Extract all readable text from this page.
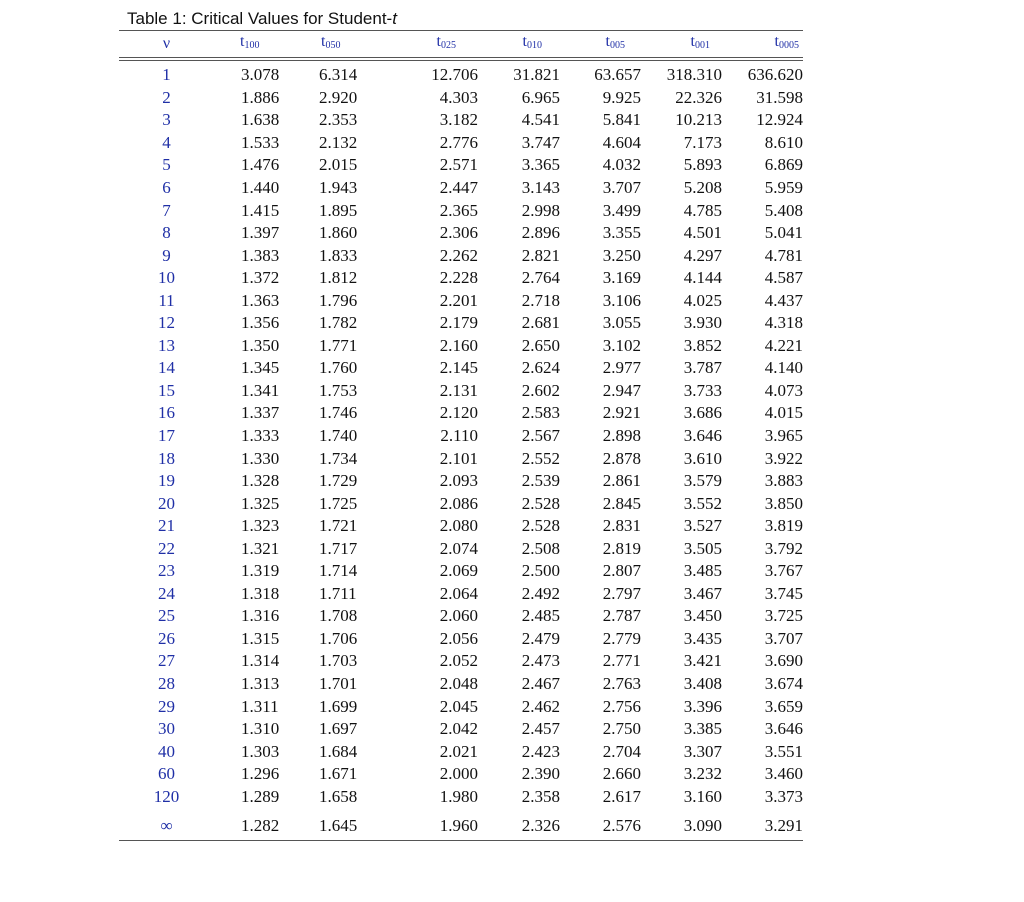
Table 1: Critical Values for Student-t
ν	$t_{100}$	$t_{050}$	$t_{025}$	$t_{010}$	$t_{005}$	$t_{001}$	$t_{0005}$
1	3.078	6.314	12.706	31.821	63.657	318.310	636.620
2	1.886	2.920	4.303	6.965	9.925	22.326	31.598
3	1.638	2.353	3.182	4.541	5.841	10.213	12.924
4	1.533	2.132	2.776	3.747	4.604	7.173	8.610
5	1.476	2.015	2.571	3.365	4.032	5.893	6.869
6	1.440	1.943	2.447	3.143	3.707	5.208	5.959
7	1.415	1.895	2.365	2.998	3.499	4.785	5.408
8	1.397	1.860	2.306	2.896	3.355	4.501	5.041
9	1.383	1.833	2.262	2.821	3.250	4.297	4.781
10	1.372	1.812	2.228	2.764	3.169	4.144	4.587
11	1.363	1.796	2.201	2.718	3.106	4.025	4.437
12	1.356	1.782	2.179	2.681	3.055	3.930	4.318
13	1.350	1.771	2.160	2.650	3.102	3.852	4.221
14	1.345	1.760	2.145	2.624	2.977	3.787	4.140
15	1.341	1.753	2.131	2.602	2.947	3.733	4.073
16	1.337	1.746	2.120	2.583	2.921	3.686	4.015
17	1.333	1.740	2.110	2.567	2.898	3.646	3.965
18	1.330	1.734	2.101	2.552	2.878	3.610	3.922
19	1.328	1.729	2.093	2.539	2.861	3.579	3.883
20	1.325	1.725	2.086	2.528	2.845	3.552	3.850
21	1.323	1.721	2.080	2.528	2.831	3.527	3.819
22	1.321	1.717	2.074	2.508	2.819	3.505	3.792
23	1.319	1.714	2.069	2.500	2.807	3.485	3.767
24	1.318	1.711	2.064	2.492	2.797	3.467	3.745
25	1.316	1.708	2.060	2.485	2.787	3.450	3.725
26	1.315	1.706	2.056	2.479	2.779	3.435	3.707
27	1.314	1.703	2.052	2.473	2.771	3.421	3.690
28	1.313	1.701	2.048	2.467	2.763	3.408	3.674
29	1.311	1.699	2.045	2.462	2.756	3.396	3.659
30	1.310	1.697	2.042	2.457	2.750	3.385	3.646
40	1.303	1.684	2.021	2.423	2.704	3.307	3.551
60	1.296	1.671	2.000	2.390	2.660	3.232	3.460
120	1.289	1.658	1.980	2.358	2.617	3.160	3.373
∞	1.282	1.645	1.960	2.326	2.576	3.090	3.291
